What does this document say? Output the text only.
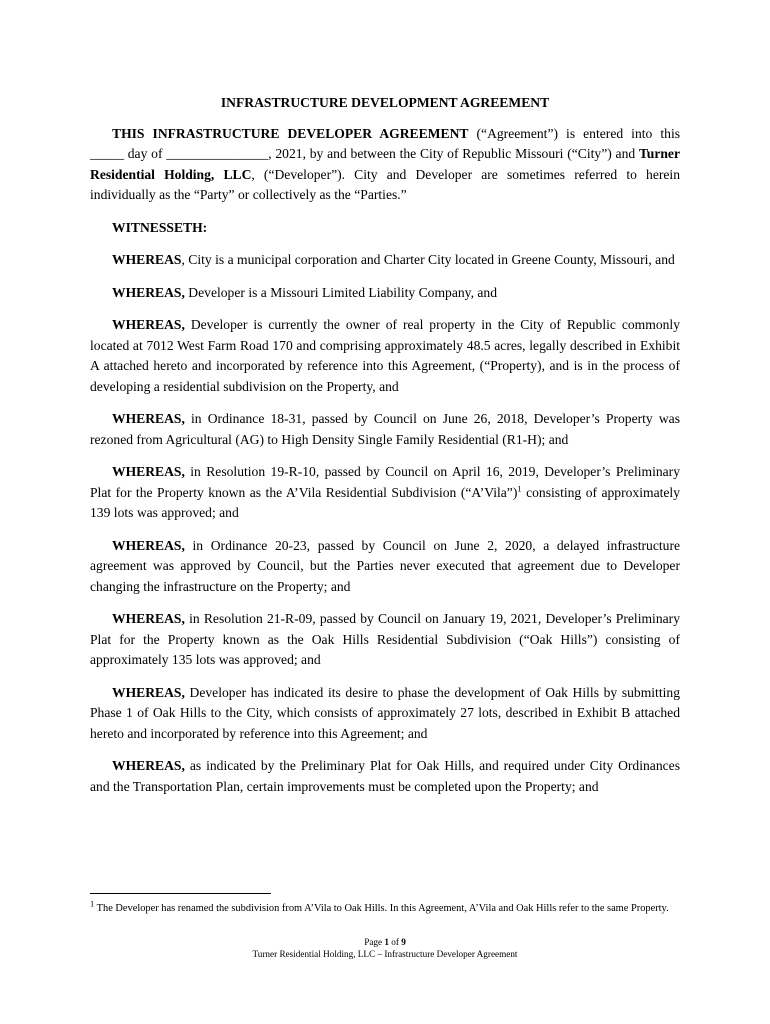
INFRASTRUCTURE DEVELOPMENT AGREEMENT

THIS INFRASTRUCTURE DEVELOPER AGREEMENT (“Agreement”) is entered into this _____ day of _______________, 2021, by and between the City of Republic Missouri (“City”) and Turner Residential Holding, LLC, (“Developer”). City and Developer are sometimes referred to herein individually as the “Party” or collectively as the “Parties.”

WITNESSETH:

WHEREAS, City is a municipal corporation and Charter City located in Greene County, Missouri, and

WHEREAS, Developer is a Missouri Limited Liability Company, and

WHEREAS, Developer is currently the owner of real property in the City of Republic commonly located at 7012 West Farm Road 170 and comprising approximately 48.5 acres, legally described in Exhibit A attached hereto and incorporated by reference into this Agreement, (“Property), and is in the process of developing a residential subdivision on the Property, and

WHEREAS, in Ordinance 18-31, passed by Council on June 26, 2018, Developer’s Property was rezoned from Agricultural (AG) to High Density Single Family Residential (R1-H); and

WHEREAS, in Resolution 19-R-10, passed by Council on April 16, 2019, Developer’s Preliminary Plat for the Property known as the A’Vila Residential Subdivision (“A’Vila”)$^1$ consisting of approximately 139 lots was approved; and

WHEREAS, in Ordinance 20-23, passed by Council on June 2, 2020, a delayed infrastructure agreement was approved by Council, but the Parties never executed that agreement due to Developer changing the infrastructure on the Property; and

WHEREAS, in Resolution 21-R-09, passed by Council on January 19, 2021, Developer’s Preliminary Plat for the Property known as the Oak Hills Residential Subdivision (“Oak Hills”) consisting of approximately 135 lots was approved; and

WHEREAS, Developer has indicated its desire to phase the development of Oak Hills by submitting Phase 1 of Oak Hills to the City, which consists of approximately 27 lots, described in Exhibit B attached hereto and incorporated by reference into this Agreement; and

WHEREAS, as indicated by the Preliminary Plat for Oak Hills, and required under City Ordinances and the Transportation Plan, certain improvements must be completed upon the Property; and

$^1$ The Developer has renamed the subdivision from A’Vila to Oak Hills. In this Agreement, A’Vila and Oak Hills refer to the same Property.
Page 1 of 9
Turner Residential Holding, LLC – Infrastructure Developer Agreement
